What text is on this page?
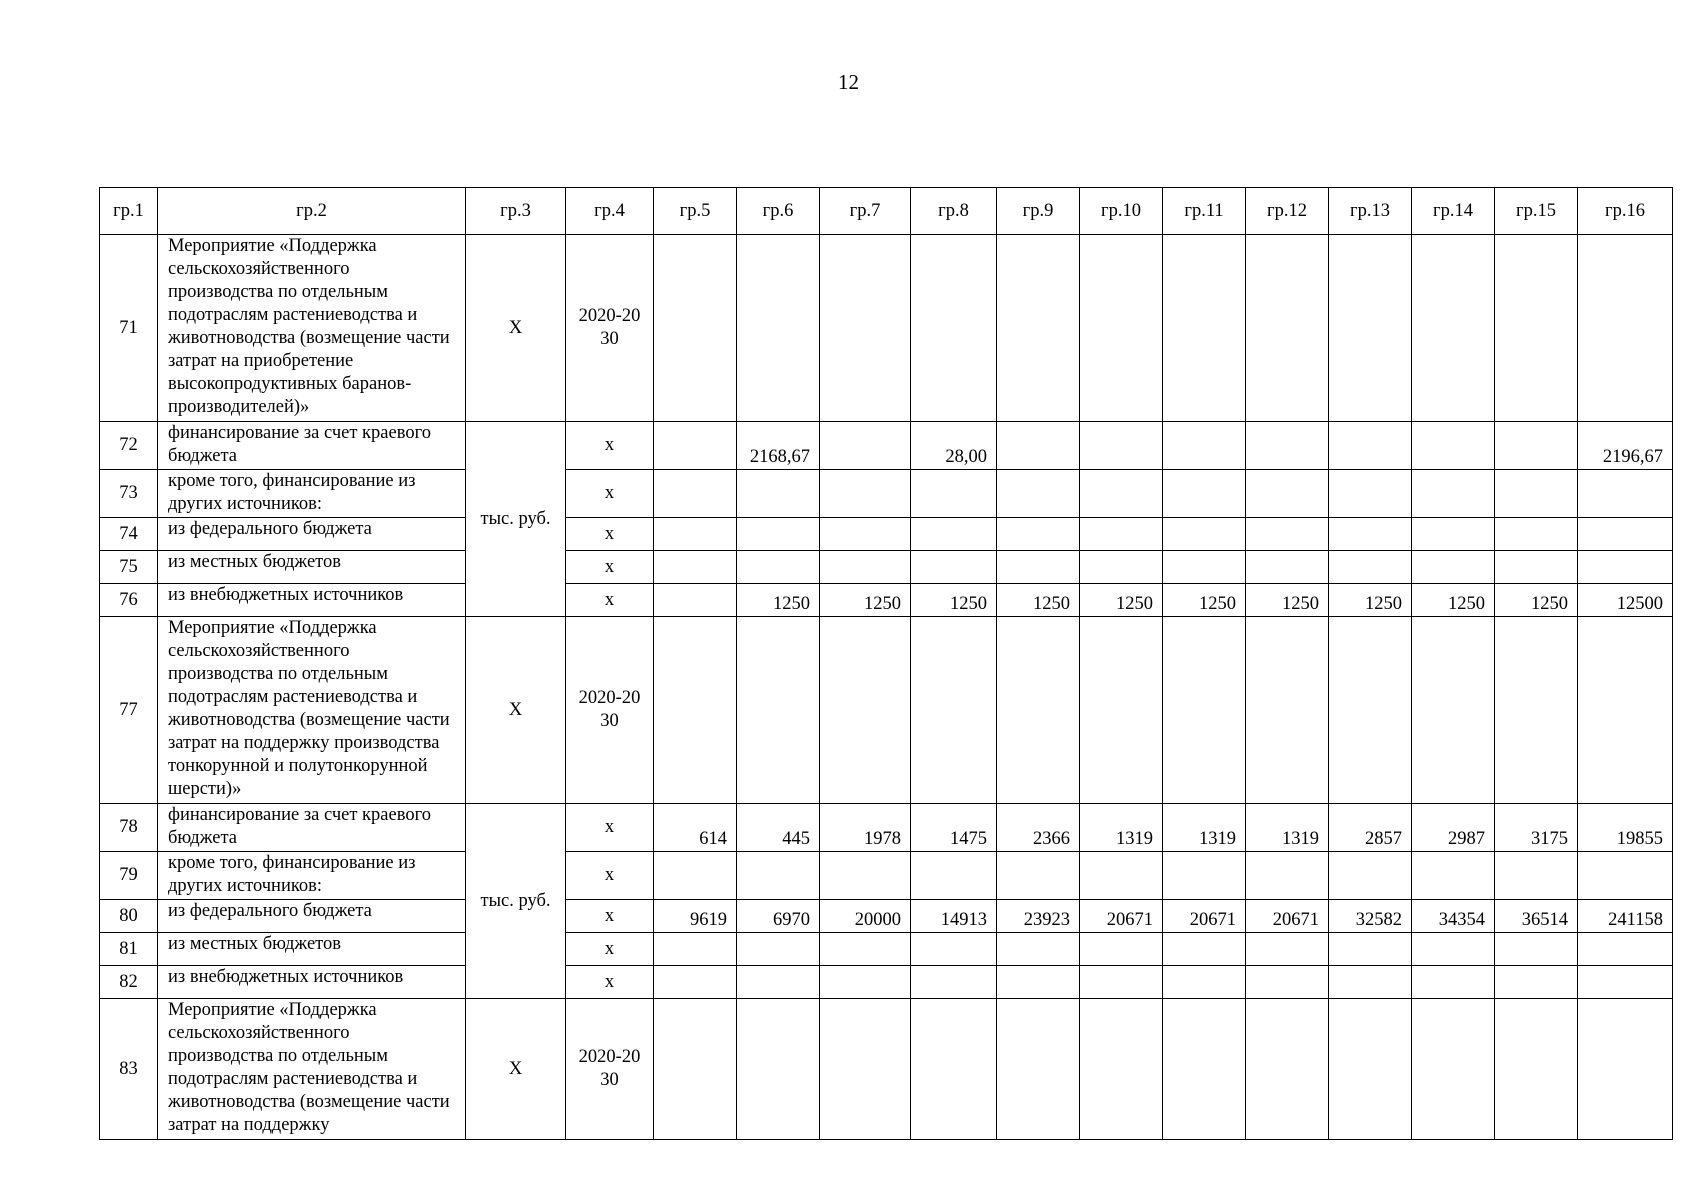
12
гр.1	гр.2	гр.3	гр.4	гр.5	гр.6	гр.7	гр.8	гр.9	гр.10	гр.11	гр.12	гр.13	гр.14	гр.15	гр.16
71	Мероприятие «Поддержка сельскохозяйственного производства по отдельным подотраслям растениеводства и животноводства (возмещение части затрат на приобретение высокопродуктивных баранов-производителей)»	Х	2020-2030												
72	финансирование за счет краевого бюджета	тыс. руб.	х		2168,67		28,00								2196,67
73	кроме того, финансирование из других источников:		х												
74	из федерального бюджета		х												
75	из местных бюджетов		х												
76	из внебюджетных источников		х		1250	1250	1250	1250	1250	1250	1250	1250	1250	1250	12500
77	Мероприятие «Поддержка сельскохозяйственного производства по отдельным подотраслям растениеводства и животноводства (возмещение части затрат на поддержку производства тонкорунной и полутонкорунной шерсти)»	Х	2020-2030												
78	финансирование за счет краевого бюджета	тыс. руб.	х	614	445	1978	1475	2366	1319	1319	1319	2857	2987	3175	19855
79	кроме того, финансирование из других источников:		х												
80	из федерального бюджета		х	9619	6970	20000	14913	23923	20671	20671	20671	32582	34354	36514	241158
81	из местных бюджетов		х												
82	из внебюджетных источников		х												
83	Мероприятие «Поддержка сельскохозяйственного производства по отдельным подотраслям растениеводства и животноводства (возмещение части затрат на поддержку	Х	2020-2030												
